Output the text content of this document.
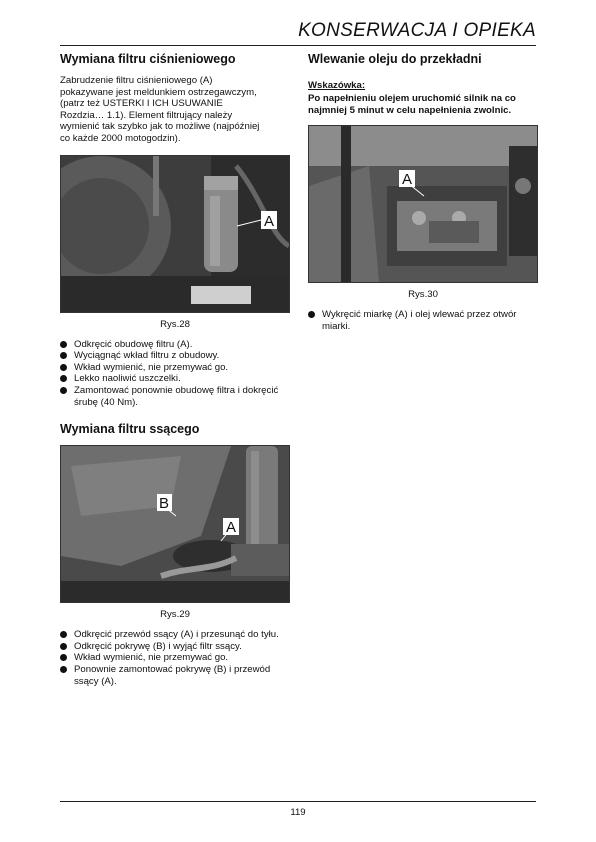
KONSERWACJA I OPIEKA
Wymiana filtru ciśnieniowego

Zabrudzenie filtru ciśnieniowego (A)
pokazywane jest meldunkiem ostrzegawczym,
(patrz też USTERKI I ICH USUWANIE
Rozdzia… 1.1). Element filtrujący należy
wymienić tak szybko jak to możliwe (najpóźniej
co każde 2000 motogodzin).

A
Rys.28
Odkręcić obudowę filtru (A).
Wyciągnąć wkład filtru z obudowy.
Wkład wymienić, nie przemywać go.
Lekko naoliwić uszczelki.
Zamontować ponownie obudowę filtra i dokręcić śrubę (40 Nm).
Wymiana filtru ssącego
B
A
Rys.29
Odkręcić przewód ssący (A) i przesunąć do tyłu.
Odkręcić pokrywę (B) i wyjąć filtr ssący.
Wkład wymienić, nie przemywać go.
Ponownie zamontować pokrywę (B) i przewód ssący (A).
Wlewanie oleju do przekładni
Wskazówka:

Po napełnieniu olejem uruchomić silnik na co
najmniej 5 minut w celu napełnienia zwolnic.

A
Rys.30
Wykręcić miarkę (A) i olej wlewać przez otwór miarki.
119
